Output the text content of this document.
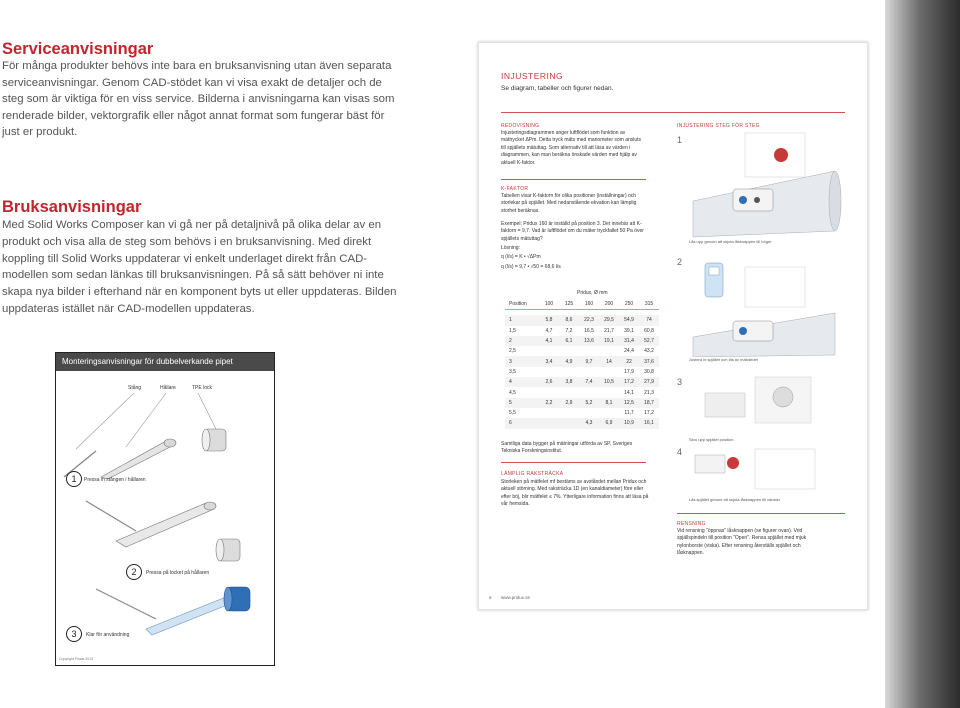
Serviceanvisningar
För många produkter behövs inte bara en bruksanvisning utan även separata serviceanvisningar. Genom CAD-stödet kan vi visa exakt de detaljer och de steg som är viktiga för en viss service. Bilderna i anvisningarna kan visas som renderade bilder, vektorgrafik eller något annat format som fungerar bäst för just er produkt.
Bruksanvisningar
Med Solid Works Composer kan vi gå ner på detaljnivå på olika delar av en produkt och visa alla de steg som behövs i en bruksanvisning. Med direkt koppling till Solid Works uppdaterar vi enkelt underlaget direkt från CAD-modellen som sedan länkas till bruksanvisningen. På så sätt behöver ni inte skapa nya bilder i efterhand när en komponent byts ut eller uppdateras. Bilden uppdateras istället när CAD-modellen uppdateras.
Monteringsanvisningar för dubbelverkande pipet
Stång	Hållare	TPE lock
1	Pressa in stången i hållaren
2	Pressa på locket på hållaren
3	Klar för användning
Copyright Flowa 2013
INJUSTERING
Se diagram, tabeller och figurer nedan.
REDOVISNING
Injusteringsdiagrammen anger luftflödet som funktion av mättrycket ΔPm. Detta tryck mäts med manometer som ansluts till spjällets mätuttag. Som alternativ till att läsa av värden i diagrammen, kan man beräkna önskade värden med hjälp av aktuell K-faktor.
K-FAKTOR
Tabellen visar K-faktorn för olika positioner (inställningar) och storlekar på spjället. Med nedanstående ekvation kan lämplig storhet beräknas.
Exempel: Pridux 160 är inställd på position 3. Det innebär att K-faktorn = 9,7. Vad är luftflödet om du mäter tryckfallet 50 Pa över spjällets mätuttag?
Lösning:
q (l/s) = K • √ΔPm
q (l/s) = 9,7 • √50 = 68,6 l/s
Pridux, Ø mm
Position	100	125	160	200	250	315

1	5,8	8,6	22,3	29,5	54,9	74
1,5	4,7	7,2	16,5	21,7	39,1	60,8
2	4,1	6,1	13,6	19,1	31,4	52,7
2,5					24,4	43,2
3	3,4	4,9	9,7	14	22	37,6
3,5					17,9	30,8
4	2,6	3,8	7,4	10,5	17,2	27,9
4,5					14,1	21,3
5	2,2	2,9	5,2	8,1	12,5	18,7
5,5					11,7	17,2
6			4,3	6,9	10,9	16,1
Samtliga data bygger på mätningar utförda av SP, Sveriges Tekniska Forskningsinstitut.
LÄMPLIG RAKSTRÄCKA
Storleken på mätfelet mf bestäms av avståndet mellan Pridux och aktuell störning. Med raksträcka 1D (en kanaldiameter) före eller efter böj, blir mätfelet ≤ 7%. Ytterligare information finns att läsa på vår hemsida.
INJUSTERING STEG FÖR STEG
1
Lås upp genom att skjuta låsknappen till höger
2
Justera in spjället och läs av mätvärdet
3
Skru upp spjället position
4
Lås spjället genom att skjuta låsknappen till vänster
RENSNING
Vid rensning "öppnas" låsknappen (se figurer ovan). Vrid spjällspindeln till position "Open". Rensa spjället med mjuk nylonborste (viska). Efter rensning återställs spjället och låsknappen.
6 www.pridux.se
